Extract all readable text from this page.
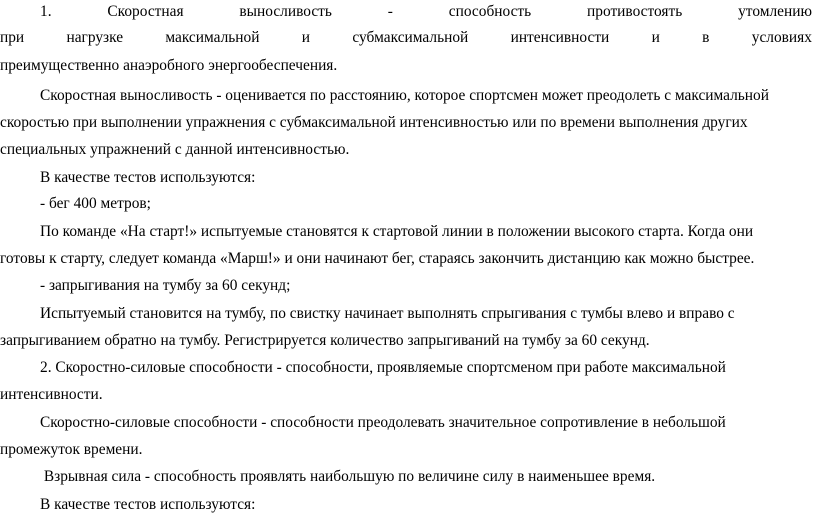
1.	Скоростная	выносливость	-	способность	противостоять	утомлению
при	нагрузке	максимальной	и	субмаксимальной	интенсивности	и	в	условиях
преимущественно анаэробного энергообеспечения.
Скоростная выносливость - оценивается по расстоянию, которое спортсмен может преодолеть с максимальной
скоростью при выполнении упражнения с субмаксимальной интенсивностью или по времени выполнения других
специальных упражнений с данной интенсивностью.
В качестве тестов используются:
- бег 400 метров;
По команде «На старт!» испытуемые становятся к стартовой линии в положении высокого старта. Когда они
готовы к старту, следует команда «Марш!» и они начинают бег, стараясь закончить дистанцию как можно быстрее.
- запрыгивания на тумбу за 60 секунд;
Испытуемый становится на тумбу, по свистку начинает выполнять спрыгивания с тумбы влево и вправо с
запрыгиванием обратно на тумбу. Регистрируется количество запрыгиваний на тумбу за 60 секунд.
2. Скоростно-силовые способности - способности, проявляемые спортсменом при работе максимальной
интенсивности.
Скоростно-силовые способности - способности преодолевать значительное сопротивление в небольшой
промежуток времени.
Взрывная сила - способность проявлять наибольшую по величине силу в наименьшее время.
В качестве тестов используются:
